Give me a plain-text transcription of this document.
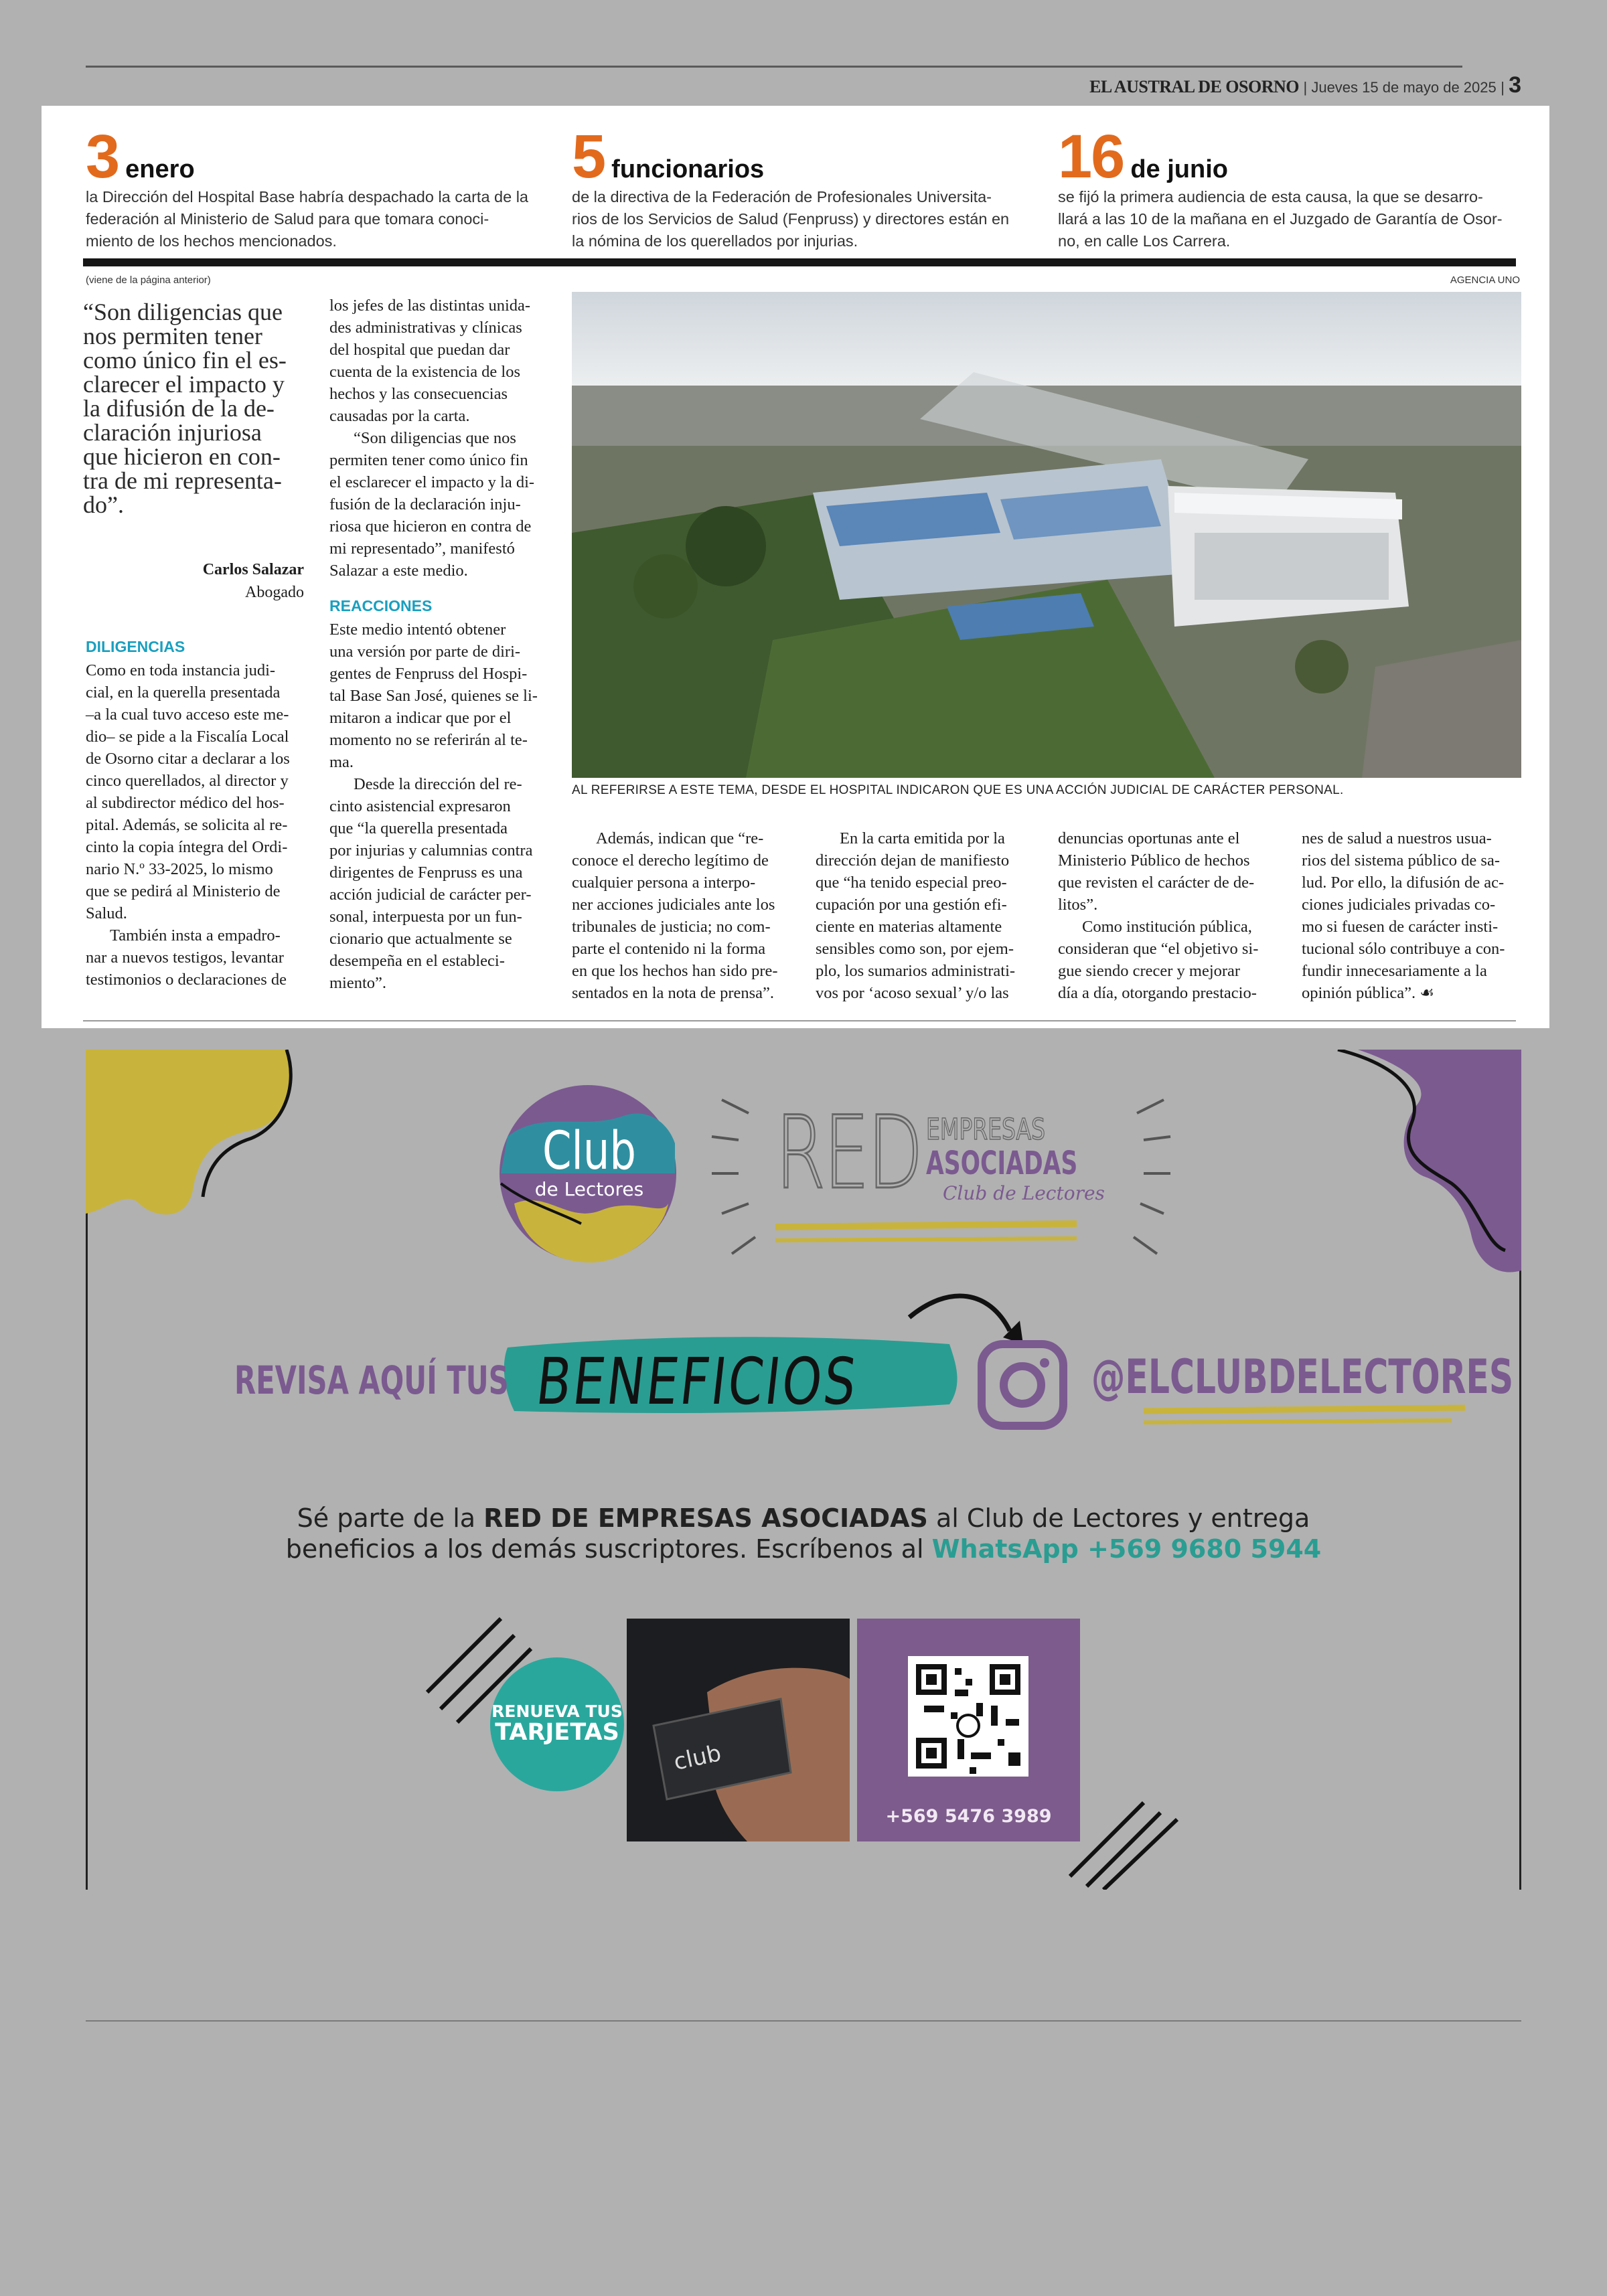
EL AUSTRAL DE OSORNO | Jueves 15 de mayo de 2025 | 3
3 enero
la Dirección del Hospital Base habría despachado la carta de la
federación al Ministerio de Salud para que tomara conoci-
miento de los hechos mencionados.
5 funcionarios
de la directiva de la Federación de Profesionales Universita-
rios de los Servicios de Salud (Fenpruss) y directores están en
la nómina de los querellados por injurias.
16 de junio
se fijó la primera audiencia de esta causa, la que se desarro-
llará a las 10 de la mañana en el Juzgado de Garantía de Osor-
no, en calle Los Carrera.
(viene de la página anterior)	AGENCIA UNO
“Son diligencias que
nos permiten tener
como único fin el es-
clarecer el impacto y
la difusión de la de-
claración injuriosa
que hicieron en con-
tra de mi representa-
do”.
Carlos Salazar
Abogado
DILIGENCIAS
Como en toda instancia judi-
cial, en la querella presentada
–a la cual tuvo acceso este me-
dio– se pide a la Fiscalía Local
de Osorno citar a declarar a los
cinco querellados, al director y
al subdirector médico del hos-
pital. Además, se solicita al re-
cinto la copia íntegra del Ordi-
nario N.º 33-2025, lo mismo
que se pedirá al Ministerio de
Salud.
También insta a empadro-
nar a nuevos testigos, levantar
testimonios o declaraciones de
los jefes de las distintas unida-
des administrativas y clínicas
del hospital que puedan dar
cuenta de la existencia de los
hechos y las consecuencias
causadas por la carta.
“Son diligencias que nos
permiten tener como único fin
el esclarecer el impacto y la di-
fusión de la declaración inju-
riosa que hicieron en contra de
mi representado”, manifestó
Salazar a este medio.
REACCIONES
Este medio intentó obtener
una versión por parte de diri-
gentes de Fenpruss del Hospi-
tal Base San José, quienes se li-
mitaron a indicar que por el
momento no se referirán al te-
ma.
Desde la dirección del re-
cinto asistencial expresaron
que “la querella presentada
por injurias y calumnias contra
dirigentes de Fenpruss es una
acción judicial de carácter per-
sonal, interpuesta por un fun-
cionario que actualmente se
desempeña en el estableci-
miento”.
AL REFERIRSE A ESTE TEMA, DESDE EL HOSPITAL INDICARON QUE ES UNA ACCIÓN JUDICIAL DE CARÁCTER PERSONAL.
Además, indican que “re-
conoce el derecho legítimo de
cualquier persona a interpo-
ner acciones judiciales ante los
tribunales de justicia; no com-
parte el contenido ni la forma
en que los hechos han sido pre-
sentados en la nota de prensa”.
En la carta emitida por la
dirección dejan de manifiesto
que “ha tenido especial preo-
cupación por una gestión efi-
ciente en materias altamente
sensibles como son, por ejem-
plo, los sumarios administrati-
vos por ‘acoso sexual’ y/o las
denuncias oportunas ante el
Ministerio Público de hechos
que revisten el carácter de de-
litos”.
Como institución pública,
consideran que “el objetivo si-
gue siendo crecer y mejorar
día a día, otorgando prestacio-
nes de salud a nuestros usua-
rios del sistema público de sa-
lud. Por ello, la difusión de ac-
ciones judiciales privadas co-
mo si fuesen de carácter insti-
tucional sólo contribuye a con-
fundir innecesariamente a la
opinión pública”. ☙
Club
de Lectores RED EMPRESAS
ASOCIADAS
Club de Lectores
REVISA AQUÍ TUS BENEFICIOS	@ELCLUBDELECTORES
Sé parte de la RED DE EMPRESAS ASOCIADAS al Club de Lectores y entrega
beneficios a los demás suscriptores. Escríbenos al WhatsApp +569 9680 5944
RENUEVA TUS
TARJETAS
club
+569 5476 3989
